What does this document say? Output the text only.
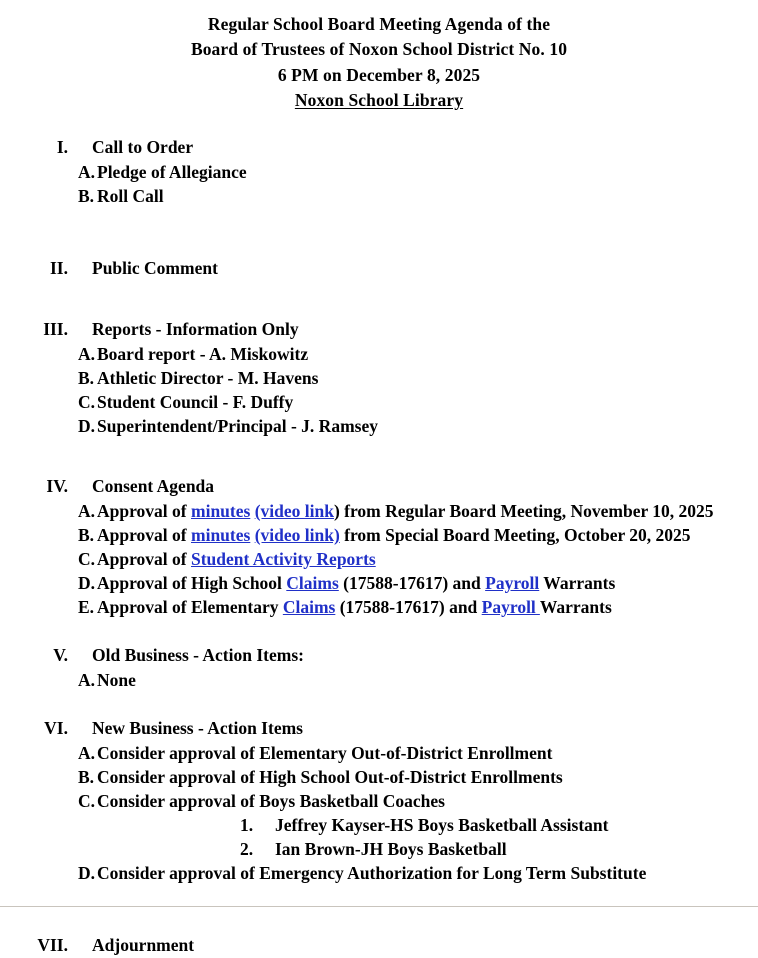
Regular School Board Meeting Agenda of the
Board of Trustees of Noxon School District No. 10
6 PM on December 8, 2025
Noxon School Library
I. Call to Order
A. Pledge of Allegiance
B. Roll Call
II. Public Comment
III. Reports - Information Only
A. Board report - A. Miskowitz
B. Athletic Director - M. Havens
C. Student Council - F. Duffy
D. Superintendent/Principal - J. Ramsey
IV. Consent Agenda
A. Approval of minutes (video link) from Regular Board Meeting, November 10, 2025
B. Approval of minutes (video link) from Special Board Meeting, October 20, 2025
C. Approval of Student Activity Reports
D. Approval of High School Claims (17588-17617) and Payroll Warrants
E. Approval of Elementary Claims (17588-17617) and Payroll Warrants
V. Old Business - Action Items:
A. None
VI. New Business - Action Items
A. Consider approval of Elementary Out-of-District Enrollment
B. Consider approval of High School Out-of-District Enrollments
C. Consider approval of Boys Basketball Coaches
1. Jeffrey Kayser-HS Boys Basketball Assistant
2. Ian Brown-JH Boys Basketball
D. Consider approval of Emergency Authorization for Long Term Substitute
VII. Adjournment
